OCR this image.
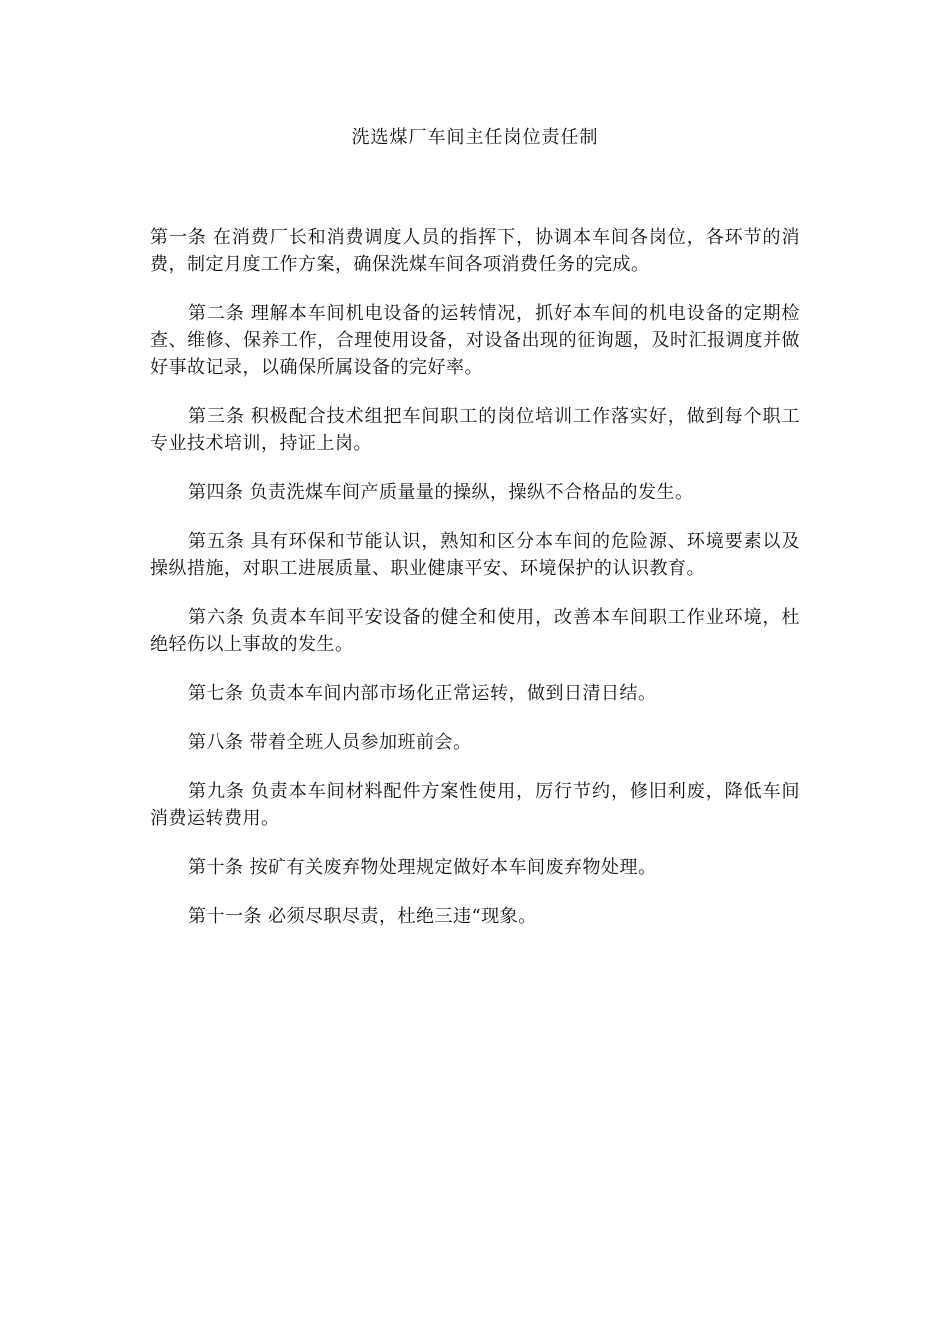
洗选煤厂车间主任岗位责任制

第一条 在消费厂长和消费调度人员的指挥下，协调本车间各岗位，各环节的消费，制定月度工作方案，确保洗煤车间各项消费任务的完成。

第二条 理解本车间机电设备的运转情况，抓好本车间的机电设备的定期检查、维修、保养工作，合理使用设备，对设备出现的征询题，及时汇报调度并做好事故记录，以确保所属设备的完好率。

第三条 积极配合技术组把车间职工的岗位培训工作落实好，做到每个职工专业技术培训，持证上岗。

第四条 负责洗煤车间产质量量的操纵，操纵不合格品的发生。

第五条 具有环保和节能认识，熟知和区分本车间的危险源、环境要素以及操纵措施，对职工进展质量、职业健康平安、环境保护的认识教育。

第六条 负责本车间平安设备的健全和使用，改善本车间职工作业环境，杜绝轻伤以上事故的发生。

第七条 负责本车间内部市场化正常运转，做到日清日结。

第八条 带着全班人员参加班前会。

第九条 负责本车间材料配件方案性使用，厉行节约，修旧利废，降低车间消费运转费用。

第十条 按矿有关废弃物处理规定做好本车间废弃物处理。

第十一条 必须尽职尽责，杜绝三违“现象。
